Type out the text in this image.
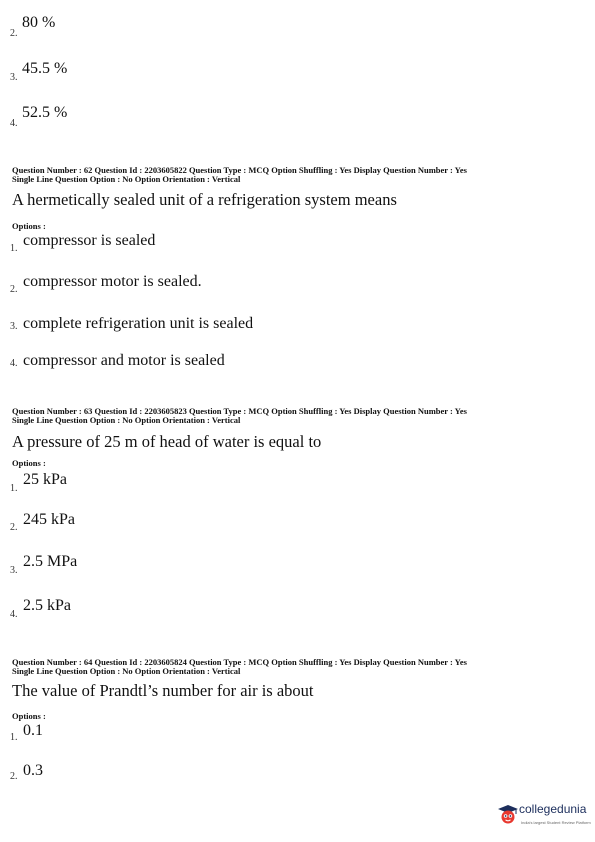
2.
80 %
3.
45.5 %
4.
52.5 %
Question Number : 62 Question Id : 2203605822 Question Type : MCQ Option Shuffling : Yes Display Question Number : Yes
Single Line Question Option : No Option Orientation : Vertical
A hermetically sealed unit of a refrigeration system means
Options :
1. compressor is sealed
2. compressor motor is sealed.
3. complete refrigeration unit is sealed
4. compressor and motor is sealed
Question Number : 63 Question Id : 2203605823 Question Type : MCQ Option Shuffling : Yes Display Question Number : Yes
Single Line Question Option : No Option Orientation : Vertical
A pressure of 25 m of head of water is equal to
Options :
1.
25 kPa
2. 245 kPa
3.
2.5 MPa
4.
2.5 kPa
Question Number : 64 Question Id : 2203605824 Question Type : MCQ Option Shuffling : Yes Display Question Number : Yes
Single Line Question Option : No Option Orientation : Vertical
The value of Prandtl’s number for air is about
Options :
1. 0.1
2. 0.3
collegedunia
India's largest Student Review Platform
